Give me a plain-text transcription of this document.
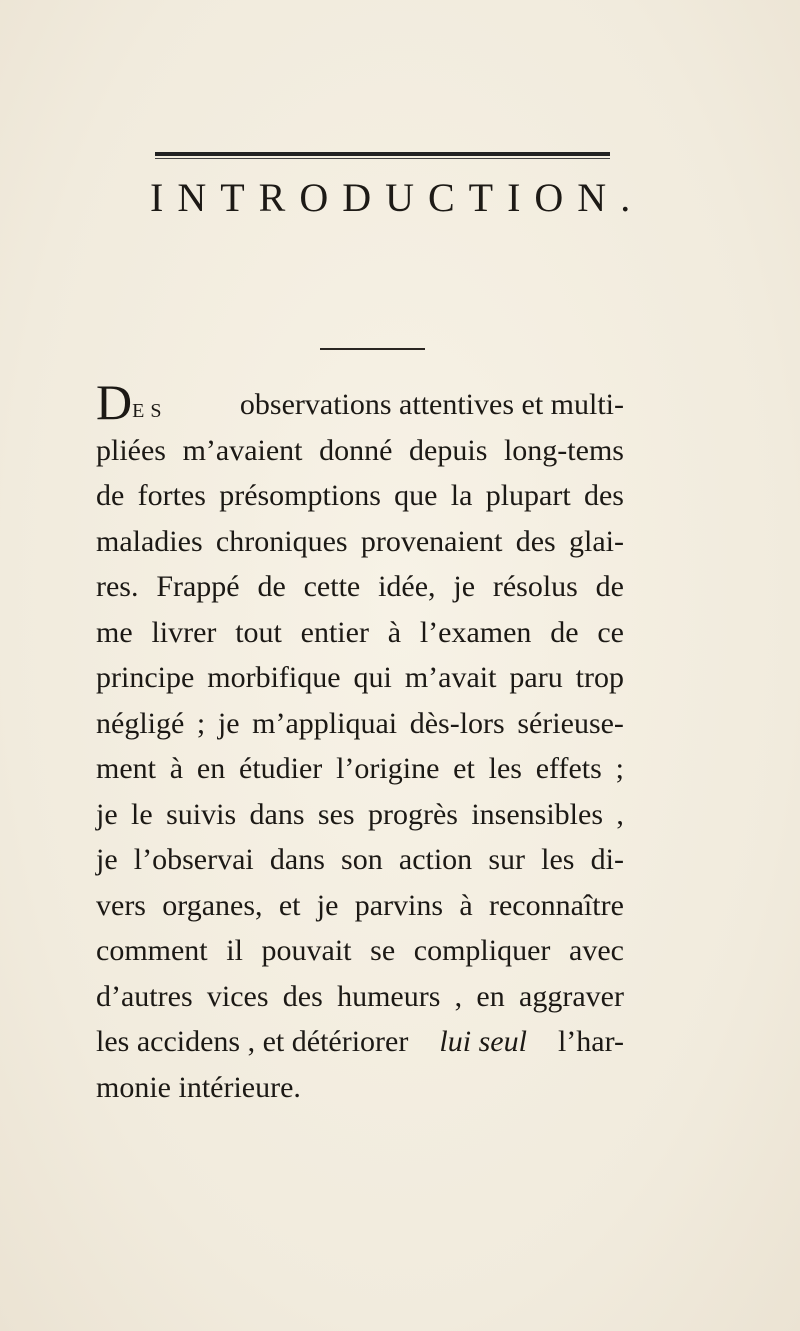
INTRODUCTION.
DES observations attentives et multi-
pliées m’avaient donné depuis long-tems
de fortes présomptions que la plupart des
maladies chroniques provenaient des glai-
res. Frappé de cette idée, je résolus de
me livrer tout entier à l’examen de ce
principe morbifique qui m’avait paru trop
négligé ; je m’appliquai dès-lors sérieuse-
ment à en étudier l’origine et les effets ;
je le suivis dans ses progrès insensibles ,
je l’observai dans son action sur les di-
vers organes, et je parvins à reconnaître
comment il pouvait se compliquer avec
d’autres vices des humeurs , en aggraver
les accidens , et détériorer lui seul l’har-
monie intérieure.
